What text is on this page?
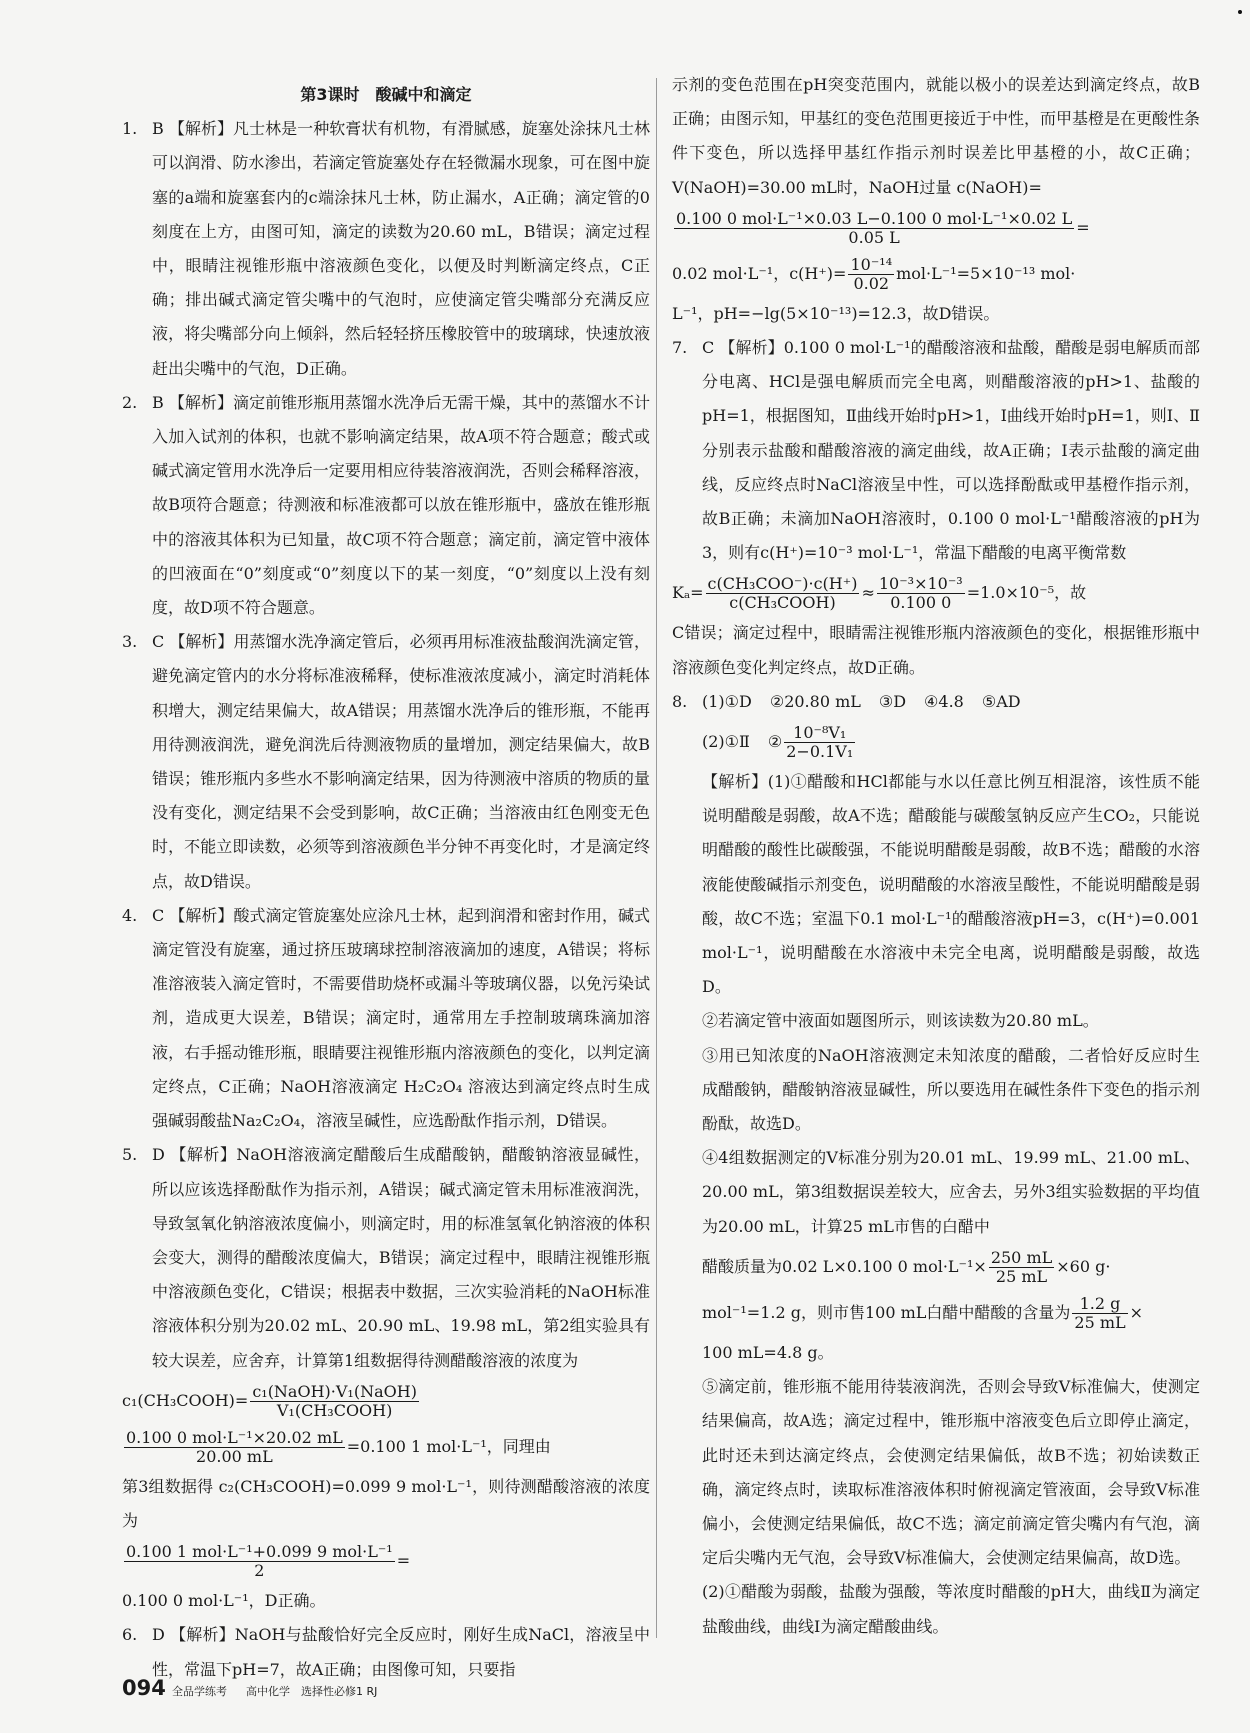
第3课时　酸碱中和滴定

1. B 【解析】凡士林是一种软膏状有机物，有滑腻感，旋塞处涂抹凡士林可以润滑、防水渗出，若滴定管旋塞处存在轻微漏水现象，可在图中旋塞的a端和旋塞套内的c端涂抹凡士林，防止漏水，A正确；滴定管的0刻度在上方，由图可知，滴定的读数为20.60 mL，B错误；滴定过程中，眼睛注视锥形瓶中溶液颜色变化，以便及时判断滴定终点，C正确；排出碱式滴定管尖嘴中的气泡时，应使滴定管尖嘴部分充满反应液，将尖嘴部分向上倾斜，然后轻轻挤压橡胶管中的玻璃球，快速放液赶出尖嘴中的气泡，D正确。

2. B 【解析】滴定前锥形瓶用蒸馏水洗净后无需干燥，其中的蒸馏水不计入加入试剂的体积，也就不影响滴定结果，故A项不符合题意；酸式或碱式滴定管用水洗净后一定要用相应待装溶液润洗，否则会稀释溶液，故B项符合题意；待测液和标准液都可以放在锥形瓶中，盛放在锥形瓶中的溶液其体积为已知量，故C项不符合题意；滴定前，滴定管中液体的凹液面在“0”刻度或“0”刻度以下的某一刻度，“0”刻度以上没有刻度，故D项不符合题意。

3. C 【解析】用蒸馏水洗净滴定管后，必须再用标准液盐酸润洗滴定管，避免滴定管内的水分将标准液稀释，使标准液浓度减小，滴定时消耗体积增大，测定结果偏大，故A错误；用蒸馏水洗净后的锥形瓶，不能再用待测液润洗，避免润洗后待测液物质的量增加，测定结果偏大，故B错误；锥形瓶内多些水不影响滴定结果，因为待测液中溶质的物质的量没有变化，测定结果不会受到影响，故C正确；当溶液由红色刚变无色时，不能立即读数，必须等到溶液颜色半分钟不再变化时，才是滴定终点，故D错误。

4. C 【解析】酸式滴定管旋塞处应涂凡士林，起到润滑和密封作用，碱式滴定管没有旋塞，通过挤压玻璃球控制溶液滴加的速度，A错误；将标准溶液装入滴定管时，不需要借助烧杯或漏斗等玻璃仪器，以免污染试剂，造成更大误差，B错误；滴定时，通常用左手控制玻璃珠滴加溶液，右手摇动锥形瓶，眼睛要注视锥形瓶内溶液颜色的变化，以判定滴定终点，C正确；NaOH溶液滴定 H₂C₂O₄ 溶液达到滴定终点时生成强碱弱酸盐Na₂C₂O₄，溶液呈碱性，应选酚酞作指示剂，D错误。

5. D 【解析】NaOH溶液滴定醋酸后生成醋酸钠，醋酸钠溶液显碱性，所以应该选择酚酞作为指示剂，A错误；碱式滴定管未用标准液润洗，导致氢氧化钠溶液浓度偏小，则滴定时，用的标准氢氧化钠溶液的体积会变大，测得的醋酸浓度偏大，B错误；滴定过程中，眼睛注视锥形瓶中溶液颜色变化，C错误；根据表中数据，三次实验消耗的NaOH标准溶液体积分别为20.02 mL、20.90 mL、19.98 mL，第2组实验具有较大误差，应舍弃，计算第1组数据得待测醋酸溶液的浓度为

c₁(CH₃COOH)= c₁(NaOH)·V₁(NaOH)
V₁(CH₃COOH)

0.100 0 mol·L⁻¹×20.02 mL
20.00 mL
=0.100 1 mol·L⁻¹，同理由

第3组数据得 c₂(CH₃COOH)=0.099 9 mol·L⁻¹，则待测醋酸溶液的浓度为

0.100 1 mol·L⁻¹+0.099 9 mol·L⁻¹
2
=

0.100 0 mol·L⁻¹，D正确。

6. D 【解析】NaOH与盐酸恰好完全反应时，刚好生成NaCl，溶液呈中性，常温下pH=7，故A正确；由图像可知，只要指

示剂的变色范围在pH突变范围内，就能以极小的误差达到滴定终点，故B正确；由图示知，甲基红的变色范围更接近于中性，而甲基橙是在更酸性条件下变色，所以选择甲基红作指示剂时误差比甲基橙的小，故C正确；V(NaOH)=30.00 mL时，NaOH过量 c(NaOH)=

0.100 0 mol·L⁻¹×0.03 L−0.100 0 mol·L⁻¹×0.02 L
0.05 L
=

0.02 mol·L⁻¹，$c(H^+)= \frac{\text{10⁻¹⁴}}{0.02} mol\cdot L^{-1}=5\times 10^{-13}$ mol·

L⁻¹，pH=−lg(5×10⁻¹³)=12.3，故D错误。

7. C 【解析】0.100 0 mol·L⁻¹的醋酸溶液和盐酸，醋酸是弱电解质而部分电离、HCl是强电解质而完全电离，则醋酸溶液的pH>1、盐酸的pH=1，根据图知，Ⅱ曲线开始时pH>1，Ⅰ曲线开始时pH=1，则Ⅰ、Ⅱ分别表示盐酸和醋酸溶液的滴定曲线，故A正确；Ⅰ表示盐酸的滴定曲线，反应终点时NaCl溶液呈中性，可以选择酚酞或甲基橙作指示剂，故B正确；未滴加NaOH溶液时，0.100 0 mol·L⁻¹醋酸溶液的pH为3，则有c(H⁺)=10⁻³ mol·L⁻¹，常温下醋酸的电离平衡常数

Kₐ= c(CH₃COO⁻)·c(H⁺)
c(CH₃COOH)
≈ $\frac{\text{10⁻³×10⁻³}}{0.100 0} =1.0\times 10^{-5}$，故

C错误；滴定过程中，眼睛需注视锥形瓶内溶液颜色的变化，根据锥形瓶中溶液颜色变化判定终点，故D正确。

8. (1)①D ②20.80 mL ③D ④4.8 ⑤AD

(2)①Ⅱ ② $\frac{\text{10⁻⁸V₁}}{\text{2−0.1V₁}}$

【解析】(1)①醋酸和HCl都能与水以任意比例互相混溶，该性质不能说明醋酸是弱酸，故A不选；醋酸能与碳酸氢钠反应产生CO₂，只能说明醋酸的酸性比碳酸强，不能说明醋酸是弱酸，故B不选；醋酸的水溶液能使酸碱指示剂变色，说明醋酸的水溶液呈酸性，不能说明醋酸是弱酸，故C不选；室温下0.1 mol·L⁻¹的醋酸溶液pH=3，c(H⁺)=0.001 mol·L⁻¹，说明醋酸在水溶液中未完全电离，说明醋酸是弱酸，故选D。

②若滴定管中液面如题图所示，则该读数为20.80 mL。

③用已知浓度的NaOH溶液测定未知浓度的醋酸，二者恰好反应时生成醋酸钠，醋酸钠溶液显碱性，所以要选用在碱性条件下变色的指示剂酚酞，故选D。

④4组数据测定的V标准分别为20.01 mL、19.99 mL、21.00 mL、20.00 mL，第3组数据误差较大，应舍去，另外3组实验数据的平均值为20.00 mL，计算25 mL市售的白醋中

醋酸质量为0.02 L×0.100 0 $mol\cdot L^{-1}\times \frac{250 mL}{25 mL} \times 60$ g·

mol⁻¹=1.2 g，则市售100 mL白醋中醋酸的含量为 $\frac{1.2 g}{25 mL}$ ×

100 mL=4.8 g。

⑤滴定前，锥形瓶不能用待装液润洗，否则会导致V标准偏大，使测定结果偏高，故A选；滴定过程中，锥形瓶中溶液变色后立即停止滴定，此时还未到达滴定终点，会使测定结果偏低，故B不选；初始读数正确，滴定终点时，读取标准溶液体积时俯视滴定管液面，会导致V标准偏小，会使测定结果偏低，故C不选；滴定前滴定管尖嘴内有气泡，滴定后尖嘴内无气泡，会导致V标准偏大，会使测定结果偏高，故D选。

(2)①醋酸为弱酸，盐酸为强酸，等浓度时醋酸的pH大，曲线Ⅱ为滴定盐酸曲线，曲线Ⅰ为滴定醋酸曲线。

094 全品学练考 高中化学　选择性必修1 RJ
